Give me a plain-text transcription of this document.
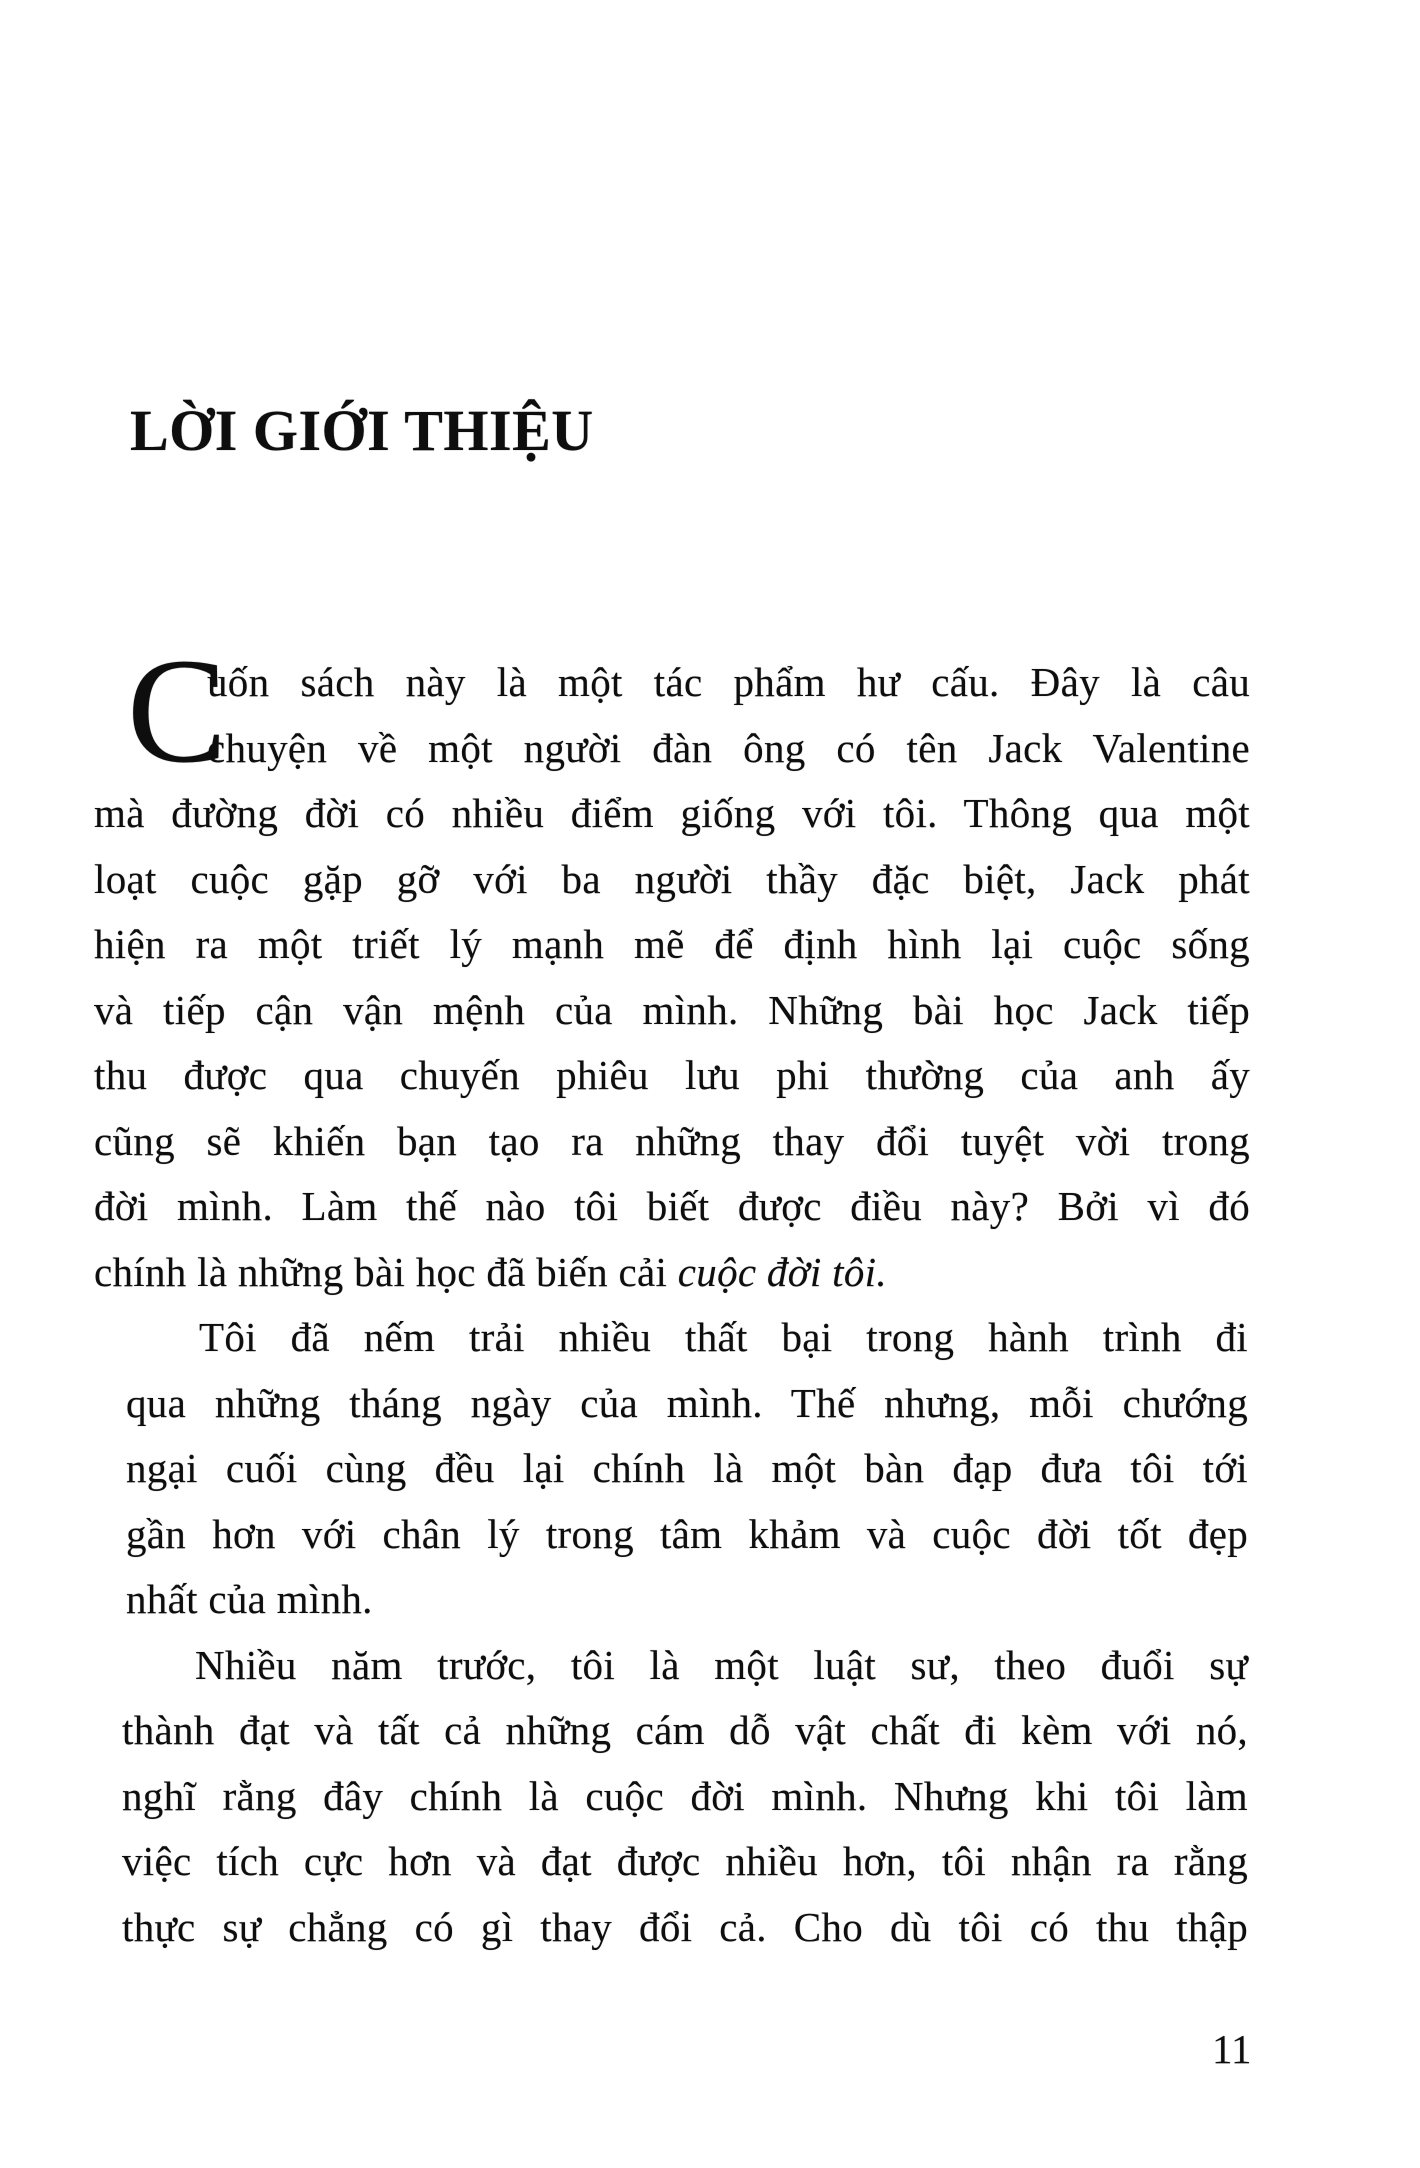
LỜI GIỚI THIỆU
C
uốn sách này là một tác phẩm hư cấu. Đây là câu
chuyện về một người đàn ông có tên Jack Valentine
mà đường đời có nhiều điểm giống với tôi. Thông qua một
loạt cuộc gặp gỡ với ba người thầy đặc biệt, Jack phát
hiện ra một triết lý mạnh mẽ để định hình lại cuộc sống
và tiếp cận vận mệnh của mình. Những bài học Jack tiếp
thu được qua chuyến phiêu lưu phi thường của anh ấy
cũng sẽ khiến bạn tạo ra những thay đổi tuyệt vời trong
đời mình. Làm thế nào tôi biết được điều này? Bởi vì đó
chính là những bài học đã biến cải cuộc đời tôi.
Tôi đã nếm trải nhiều thất bại trong hành trình đi
qua những tháng ngày của mình. Thế nhưng, mỗi chướng
ngại cuối cùng đều lại chính là một bàn đạp đưa tôi tới
gần hơn với chân lý trong tâm khảm và cuộc đời tốt đẹp
nhất của mình.
Nhiều năm trước, tôi là một luật sư, theo đuổi sự
thành đạt và tất cả những cám dỗ vật chất đi kèm với nó,
nghĩ rằng đây chính là cuộc đời mình. Nhưng khi tôi làm
việc tích cực hơn và đạt được nhiều hơn, tôi nhận ra rằng
thực sự chẳng có gì thay đổi cả. Cho dù tôi có thu thập
11
